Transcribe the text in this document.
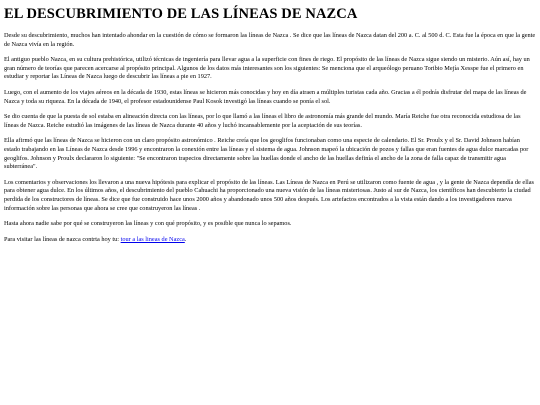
EL DESCUBRIMIENTO DE LAS LÍNEAS DE NAZCA

Desde su descubrimiento, muchos han intentado ahondar en la cuestión de cómo se formaron las líneas de Nazca . Se dice que las líneas de Nazca datan del 200 a. C. al 500 d. C. Esta fue la época en que la gente de Nazca vivía en la región.

El antiguo pueblo Nazca, en su cultura prehistórica, utilizó técnicas de ingeniería para llevar agua a la superficie con fines de riego. El propósito de las líneas de Nazca sigue siendo un misterio. Aún así, hay un gran número de teorías que parecen acercarse al propósito principal. Algunos de los datos más interesantes son los siguientes: Se menciona que el arqueólogo peruano Toribio Mejía Xesspe fue el primero en estudiar y reportar las Líneas de Nazca luego de descubrir las líneas a pie en 1927.

Luego, con el aumento de los viajes aéreos en la década de 1930, estas líneas se hicieron más conocidas y hoy en día atraen a múltiples turistas cada año. Gracias a él podrás disfrutar del mapa de las líneas de Nazca y toda su riqueza. En la década de 1940, el profesor estadounidense Paul Kosok investigó las líneas cuando se ponía el sol.

Se dio cuenta de que la puesta de sol estaba en alineación directa con las líneas, por lo que llamó a las líneas el libro de astronomía más grande del mundo. María Reiche fue otra reconocida estudiosa de las líneas de Nazca. Reiche estudió las imágenes de las líneas de Nazca durante 40 años y luchó incansablemente por la aceptación de sus teorías.

Ella afirmó que las líneas de Nazca se hicieron con un claro propósito astronómico . Reiche creía que los geoglifos funcionaban como una especie de calendario. El Sr. Proulx y el Sr. David Johnson habían estado trabajando en las Líneas de Nazca desde 1996 y encontraron la conexión entre las líneas y el sistema de agua. Johnson mapeó la ubicación de pozos y fallas que eran fuentes de agua dulce marcadas por geoglifos. Johnson y Proulx declararon lo siguiente: "Se encontraron trapecios directamente sobre las huellas donde el ancho de las huellas definía el ancho de la zona de falla capaz de transmitir agua subterránea".

Los comentarios y observaciones los llevaron a una nueva hipótesis para explicar el propósito de las líneas. Las Líneas de Nazca en Perú se utilizaron como fuente de agua , y la gente de Nazca dependía de ellas para obtener agua dulce. En los últimos años, el descubrimiento del pueblo Cahuachi ha proporcionado una nueva visión de las líneas misteriosas. Justo al sur de Nazca, los científicos han descubierto la ciudad perdida de los constructores de líneas. Se dice que fue construido hace unos 2000 años y abandonado unos 500 años después. Los artefactos encontrados a la vista están dando a los investigadores nueva información sobre las personas que ahora se cree que construyeron las líneas .

Hasta ahora nadie sabe por qué se construyeron las líneas y con qué propósito, y es posible que nunca lo sepamos.

Para visitar las líneas de nazca contrta hoy tu: tour a las lineas de Nazca.
